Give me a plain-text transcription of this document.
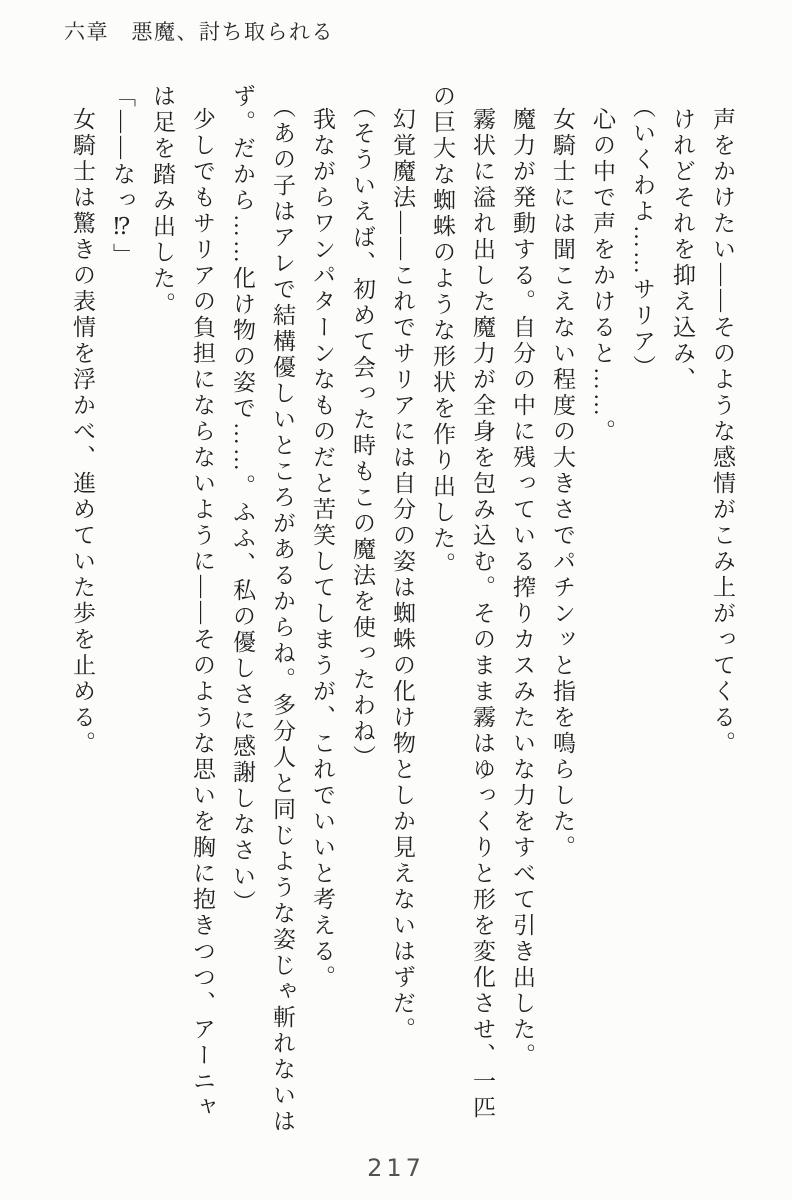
六章　悪魔、討ち取られる

声をかけたい——そのような感情がこみ上がってくる。

けれどそれを抑え込み、

（いくわよ……サリア）

心の中で声をかけると……。

女騎士には聞こえない程度の大きさでパチンッと指を鳴らした。

魔力が発動する。自分の中に残っている搾りカスみたいな力をすべて引き出した。

霧状に溢れ出した魔力が全身を包み込む。そのまま霧はゆっくりと形を変化させ、一匹の巨大な蜘蛛のような形状を作り出した。

幻覚魔法——これでサリアには自分の姿は蜘蛛の化け物としか見えないはずだ。

（そういえば、初めて会った時もこの魔法を使ったわね）

我ながらワンパターンなものだと苦笑してしまうが、これでいいと考える。

（あの子はアレで結構優しいところがあるからね。多分人と同じような姿じゃ斬れないはず。だから……化け物の姿で……。ふふ、私の優しさに感謝しなさい）

少しでもサリアの負担にならないように——そのような思いを胸に抱きつつ、アーニャは足を踏み出した。

「——なっ⁉」

女騎士は驚きの表情を浮かべ、進めていた歩を止める。

217
